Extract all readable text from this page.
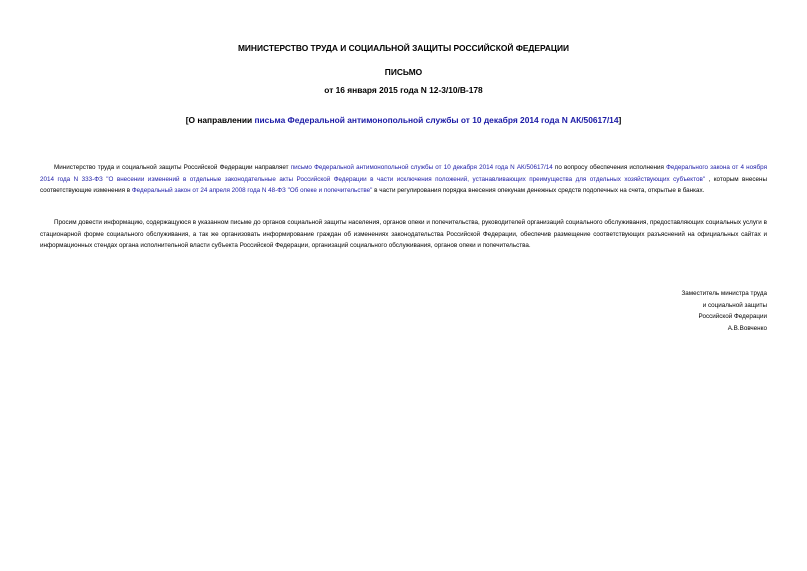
МИНИСТЕРСТВО ТРУДА И СОЦИАЛЬНОЙ ЗАЩИТЫ РОССИЙСКОЙ ФЕДЕРАЦИИ
ПИСЬМО
от 16 января 2015 года N 12-3/10/В-178
[О направлении письма Федеральной антимонопольной службы от 10 декабря 2014 года N АК/50617/14]
Министерство труда и социальной защиты Российской Федерации направляет письмо Федеральной антимонопольной службы от 10 декабря 2014 года N АК/50617/14 по вопросу обеспечения исполнения Федерального закона от 4 ноября 2014 года N 333-ФЗ "О внесении изменений в отдельные законодательные акты Российской Федерации в части исключения положений, устанавливающих преимущества для отдельных хозяйствующих субъектов" , которым внесены соответствующие изменения в Федеральный закон от 24 апреля 2008 года N 48-ФЗ "Об опеке и попечительстве" в части регулирования порядка внесения опекунам денежных средств подопечных на счета, открытые в банках.
Просим довести информацию, содержащуюся в указанном письме до органов социальной защиты населения, органов опеки и попечительства, руководителей организаций социального обслуживания, предоставляющих социальных услуги в стационарной форме социального обслуживания, а так же организовать информирование граждан об изменениях законодательства Российской Федерации, обеспечив размещение соответствующих разъяснений на официальных сайтах и информационных стендах органа исполнительной власти субъекта Российской Федерации, организаций социального обслуживания, органов опеки и попечительства.
Заместитель министра труда
и социальной защиты
Российской Федерации
А.В.Вовченко
